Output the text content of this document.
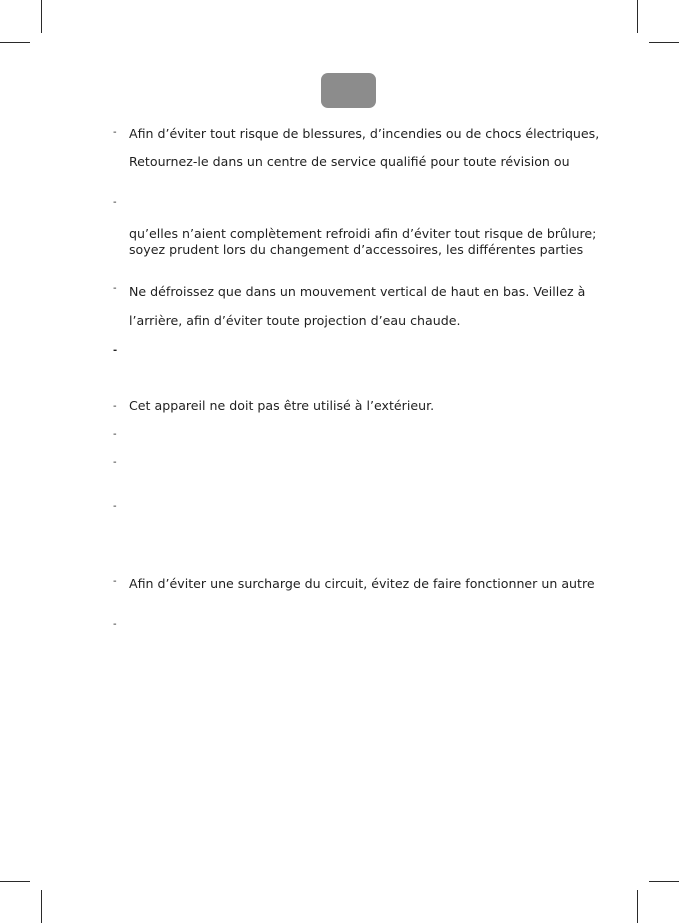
-
-
-
-
-
-
-
-
-
-
Afin d’éviter tout risque de blessures, d’incendies ou de chocs électriques,
Retournez-le dans un centre de service qualifié pour toute révision ou
qu’elles n’aient complètement refroidi afin d’éviter tout risque de brûlure;
soyez prudent lors du changement d’accessoires, les différentes parties
Ne défroissez que dans un mouvement vertical de haut en bas. Veillez à
l’arrière, afin d’éviter toute projection d’eau chaude.
Cet appareil ne doit pas être utilisé à l’extérieur.
Afin d’éviter une surcharge du circuit, évitez de faire fonctionner un autre
